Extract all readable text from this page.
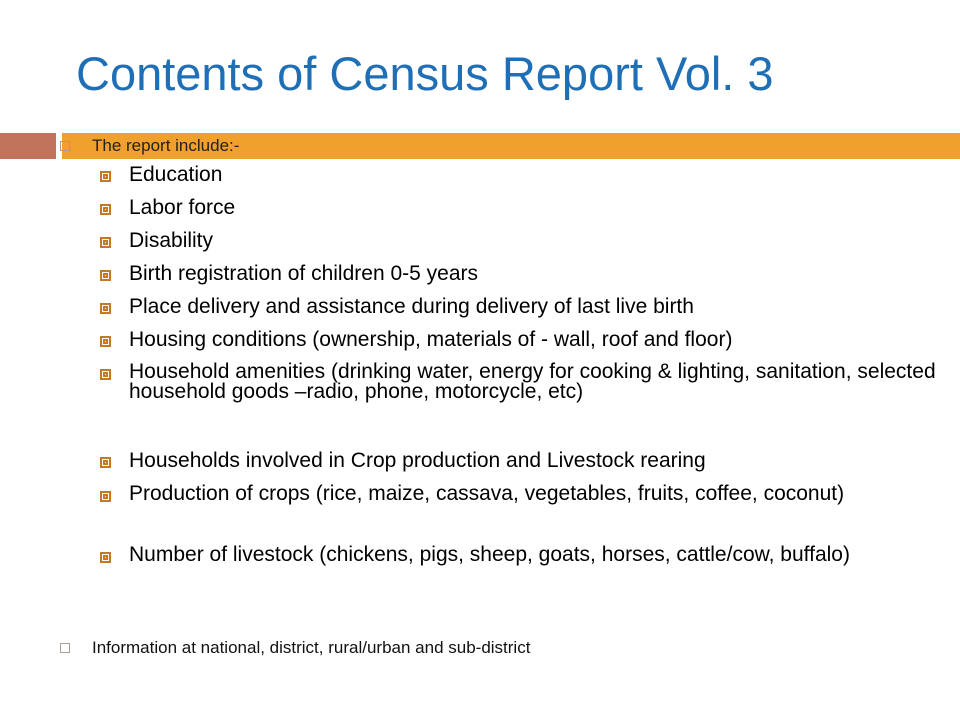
Contents of Census Report Vol. 3
The report include:-
Education
Labor force
Disability
Birth registration of children 0-5 years
Place delivery and assistance during delivery of last live birth
Housing conditions (ownership, materials of - wall, roof and floor)
Household amenities (drinking water, energy for cooking & lighting, sanitation, selected household goods –radio, phone, motorcycle, etc)
Households involved in Crop production and Livestock rearing
Production of crops (rice, maize, cassava, vegetables, fruits, coffee, coconut)
Number of livestock (chickens, pigs, sheep, goats, horses, cattle/cow, buffalo)
Information at national, district, rural/urban and sub-district
